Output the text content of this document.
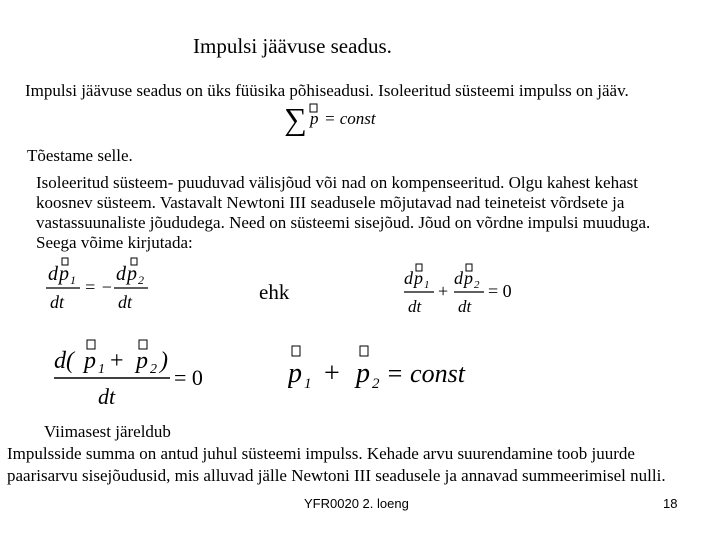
Impulsi jäävuse seadus.
Impulsi jäävuse seadus on üks füüsika põhiseadusi. Isoleeritud süsteemi impulss on jääv.
∑ p = const
Tõestame selle.
Isoleeritud süsteem- puuduvad välisjõud või nad on kompenseeritud. Olgu kahest kehast
koosnev süsteem. Vastavalt Newtoni III seadusele mõjutavad nad teineteist võrdsete ja
vastassuunaliste jõududega. Need on süsteemi sisejõud. Jõud on võrdne impulsi muuduga.
Seega võime kirjutada:
d p 1
dt
= −
d p 2
dt	ehk
d p 1
dt
+
d p 2
dt
= 0
d( p 1 + p 2 )
dt
= 0	p 1 + p 2 = const
Viimasest järeldub
Impulsside summa on antud juhul süsteemi impulss. Kehade arvu suurendamine toob juurde
paarisarvu sisejõudusid, mis alluvad jälle Newtoni III seadusele ja annavad summeerimisel nulli.
YFR0020 2. loeng	18
